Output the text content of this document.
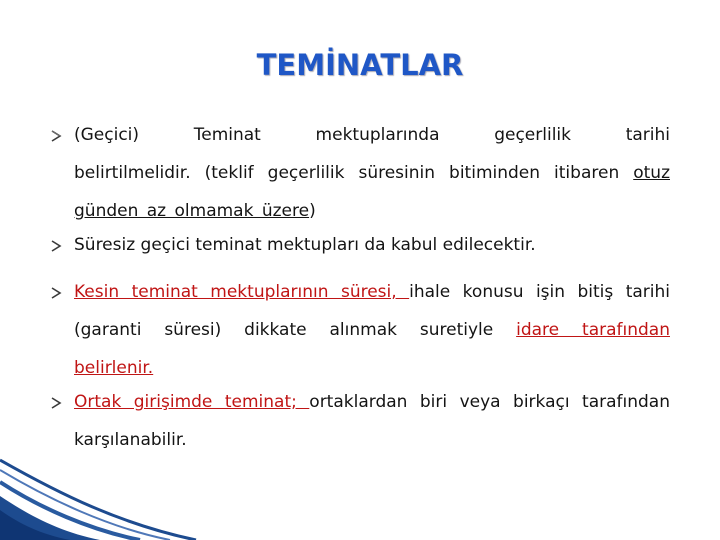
TEMİNATLAR
(Geçici)      Teminat      mektuplarında      geçerlilik      tarihi belirtilmelidir. (teklif geçerlilik süresinin bitiminden itibaren otuz günden az olmamak üzere)
Süresiz geçici teminat mektupları da kabul edilecektir.
Kesin teminat mektuplarının süresi, ihale konusu işin bitiş tarihi (garanti süresi) dikkate alınmak suretiyle idare tarafından belirlenir.
Ortak girişimde teminat; ortaklardan biri veya birkaçı tarafından karşılanabilir.
